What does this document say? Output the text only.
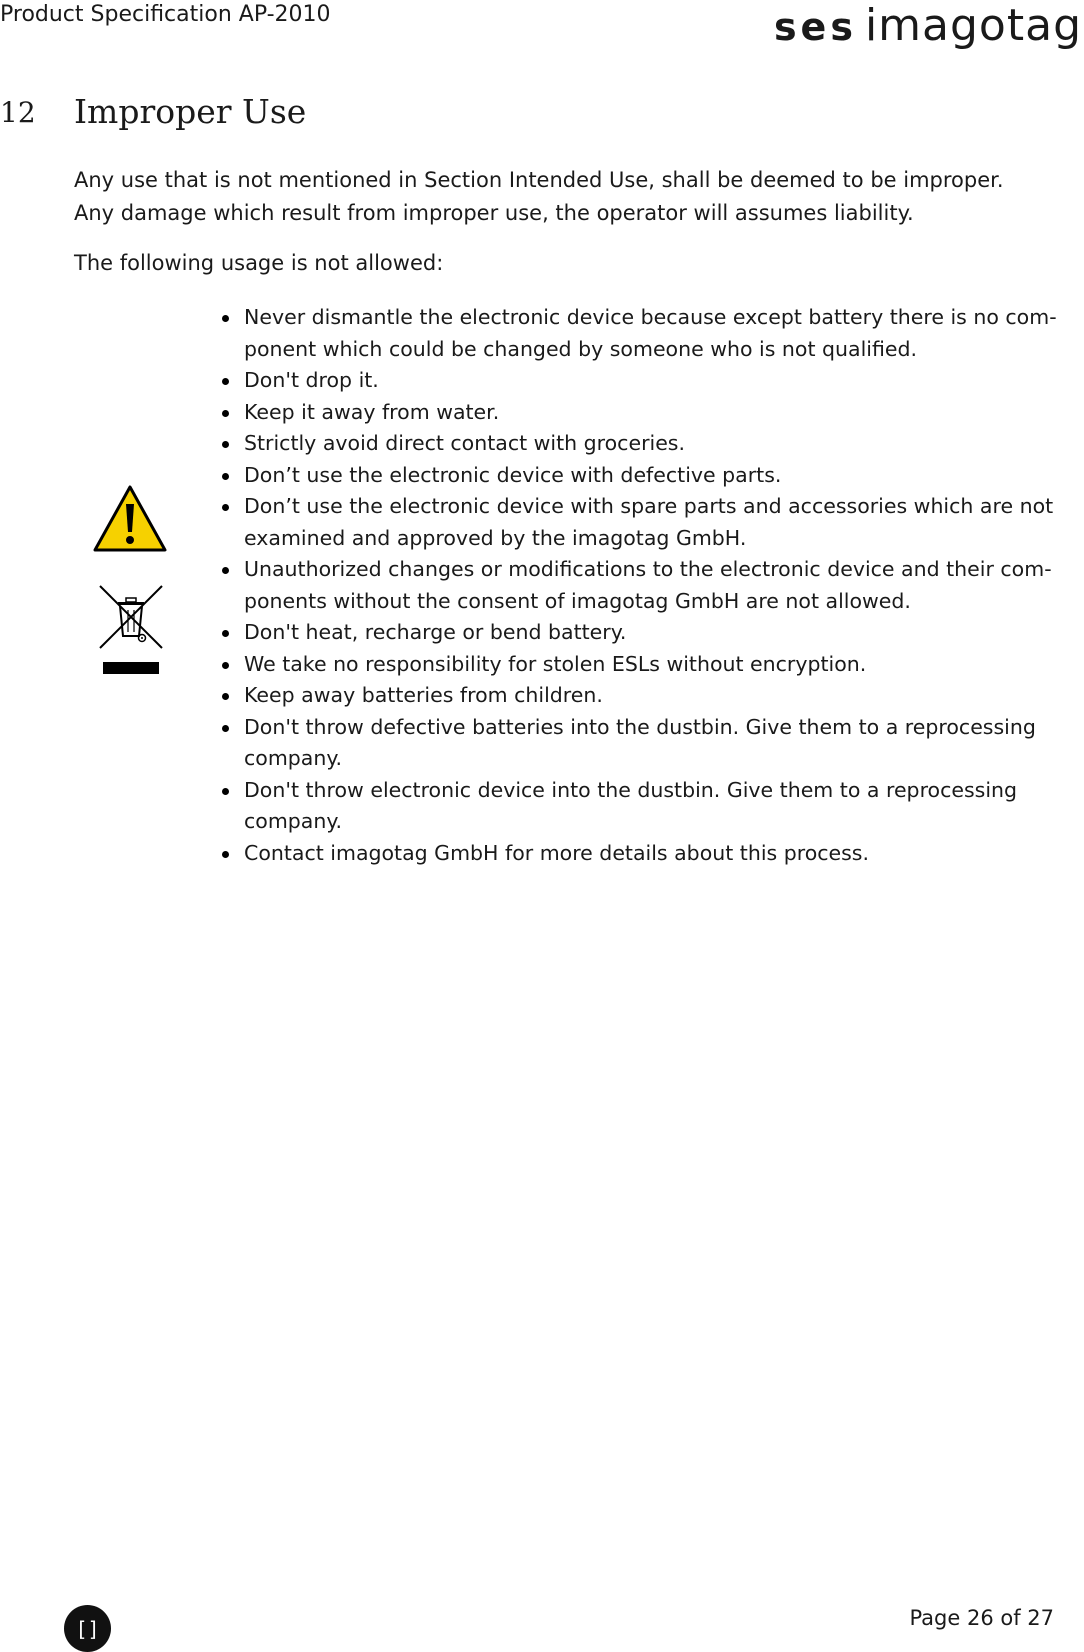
Product Specification AP-2010	ses imagotag
12	Improper Use

Any use that is not mentioned in Section Intended Use, shall be deemed to be improper. Any damage which result from improper use, the operator will assumes liability.

The following usage is not allowed:

Never dismantle the electronic device because except battery there is no com-ponent which could be changed by someone who is not qualified.
Don't drop it.
Keep it away from water.
Strictly avoid direct contact with groceries.
Don’t use the electronic device with defective parts.
Don’t use the electronic device with spare parts and accessories which are not examined and approved by the imagotag GmbH.
Unauthorized changes or modifications to the electronic device and their com-ponents without the consent of imagotag GmbH are not allowed.
Don't heat, recharge or bend battery.
We take no responsibility for stolen ESLs without encryption.
Keep away batteries from children.
Don't throw defective batteries into the dustbin. Give them to a reprocessing company.
Don't throw electronic device into the dustbin. Give them to a reprocessing company.
Contact imagotag GmbH for more details about this process.
[]	Page 26 of 27
